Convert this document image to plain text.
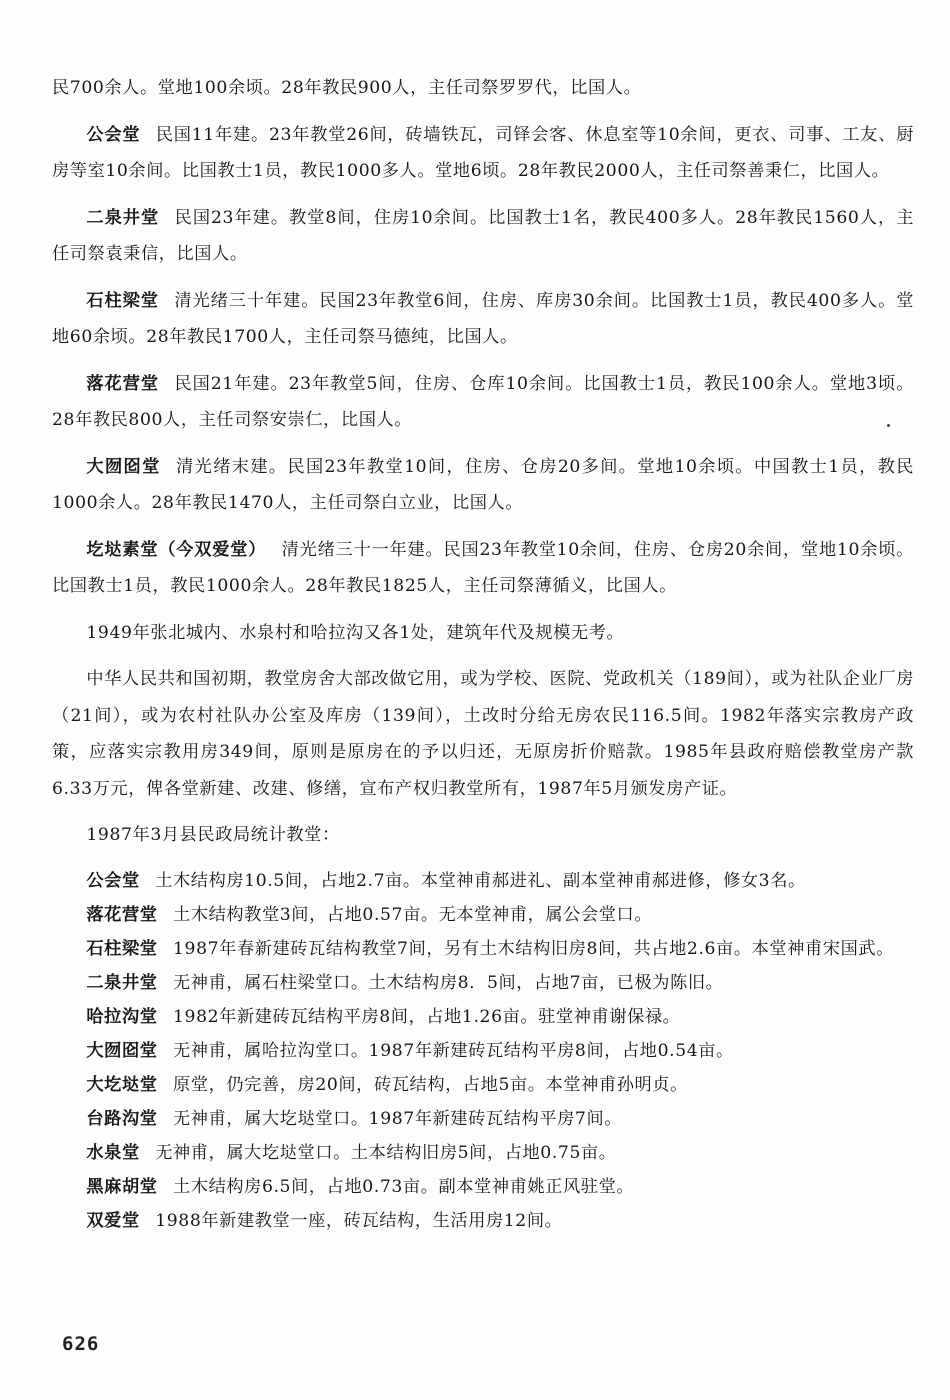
民700余人。堂地100余顷。28年教民900人，主任司祭罗罗代，比国人。

公会堂 民国11年建。23年教堂26间，砖墙铁瓦，司铎会客、休息室等10余间，更衣、司事、工友、厨房等室10余间。比国教士1员，教民1000多人。堂地6顷。28年教民2000人，主任司祭善秉仁，比国人。

二泉井堂 民国23年建。教堂8间，住房10余间。比国教士1名，教民400多人。28年教民1560人，主任司祭袁秉信，比国人。

石柱梁堂 清光绪三十年建。民国23年教堂6间，住房、库房30余间。比国教士1员，教民400多人。堂地60余顷。28年教民1700人，主任司祭马德纯，比国人。

落花营堂 民国21年建。23年教堂5间，住房、仓库10余间。比国教士1员，教民100余人。堂地3顷。28年教民800人，主任司祭安崇仁，比国人。

大囫囵堂 清光绪末建。民国23年教堂10间，住房、仓房20多间。堂地10余顷。中国教士1员，教民1000余人。28年教民1470人，主任司祭白立业，比国人。

圪垯素堂（今双爱堂） 清光绪三十一年建。民国23年教堂10余间，住房、仓房20余间，堂地10余顷。比国教士1员，教民1000余人。28年教民1825人，主任司祭薄循义，比国人。

1949年张北城内、水泉村和哈拉沟又各1处，建筑年代及规模无考。

中华人民共和国初期，教堂房舍大部改做它用，或为学校、医院、党政机关（189间），或为社队企业厂房（21间），或为农村社队办公室及库房（139间），土改时分给无房农民116.5间。1982年落实宗教房产政策，应落实宗教用房349间，原则是原房在的予以归还，无原房折价赔款。1985年县政府赔偿教堂房产款6.33万元，俾各堂新建、改建、修缮，宣布产权归教堂所有，1987年5月颁发房产证。

1987年3月县民政局统计教堂：

公会堂 土木结构房10.5间，占地2.7亩。本堂神甫郝进礼、副本堂神甫郝进修，修女3名。

落花营堂 土木结构教堂3间，占地0.57亩。无本堂神甫，属公会堂口。

石柱梁堂 1987年春新建砖瓦结构教堂7间，另有土木结构旧房8间，共占地2.6亩。本堂神甫宋国武。

二泉井堂 无神甫，属石柱梁堂口。土木结构房8．5间，占地7亩，已极为陈旧。

哈拉沟堂 1982年新建砖瓦结构平房8间，占地1.26亩。驻堂神甫谢保禄。

大囫囵堂 无神甫，属哈拉沟堂口。1987年新建砖瓦结构平房8间，占地0.54亩。

大圪垯堂 原堂，仍完善，房20间，砖瓦结构，占地5亩。本堂神甫孙明贞。

台路沟堂 无神甫，属大圪垯堂口。1987年新建砖瓦结构平房7间。

水泉堂 无神甫，属大圪垯堂口。土本结构旧房5间，占地0.75亩。

黑麻胡堂 土木结构房6.5间，占地0.73亩。副本堂神甫姚正风驻堂。

双爱堂 1988年新建教堂一座，砖瓦结构，生活用房12间。

626
